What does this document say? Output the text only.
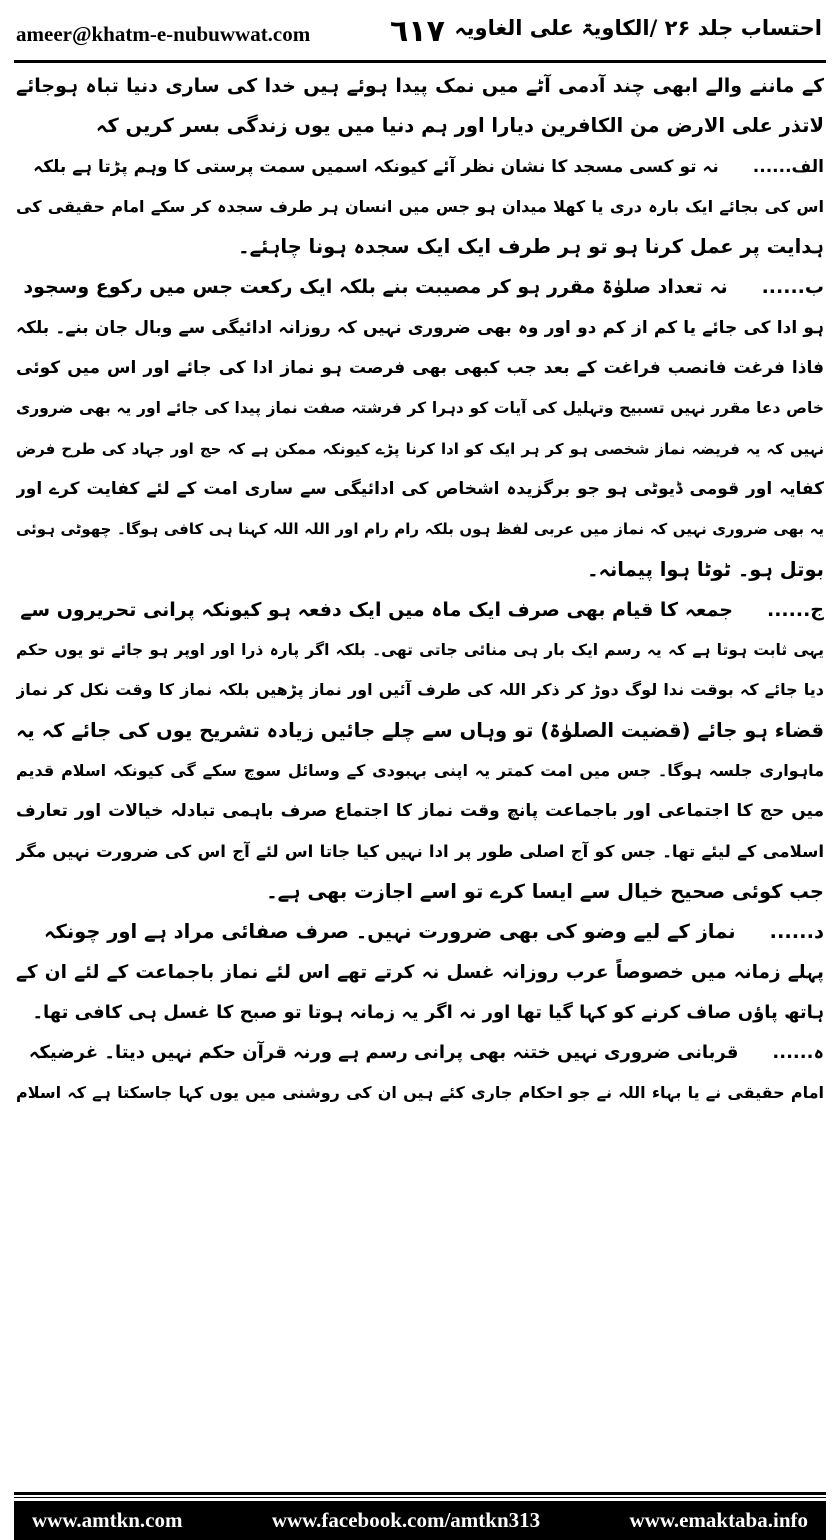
ameer@khatm-e-nubuwwat.com	٦١٧ احتساب جلد ۲۶ /الکاویۃ علی الغاویہ
کے ماننے والے ابھی چند آدمی آٹے میں نمک پیدا ہوئے ہیں خدا کی ساری دنیا تباہ ہوجائے
لاتذر علی الارض من الکافرین دیارا اور ہم دنیا میں یوں زندگی بسر کریں کہ
الف......نہ تو کسی مسجد کا نشان نظر آئے کیونکہ اسمیں سمت پرستی کا وہم پڑتا ہے بلکہ
اس کی بجائے ایک بارہ دری یا کھلا میدان ہو جس میں انسان ہر طرف سجدہ کر سکے امام حقیقی کی
ہدایت پر عمل کرنا ہو تو ہر طرف ایک ایک سجدہ ہونا چاہئے۔
ب......نہ تعداد صلوٰۃ مقرر ہو کر مصیبت بنے بلکہ ایک رکعت جس میں رکوع وسجود
ہو ادا کی جائے یا کم از کم دو اور وہ بھی ضروری نہیں کہ روزانہ ادائیگی سے وبال جان بنے۔ بلکہ
فاذا فرغت فانصب فراغت کے بعد جب کبھی بھی فرصت ہو نماز ادا کی جائے اور اس میں کوئی
خاص دعا مقرر نہیں تسبیح وتہلیل کی آیات کو دہرا کر فرشتہ صفت نماز پیدا کی جائے اور یہ بھی ضروری
نہیں کہ یہ فریضہ نماز شخصی ہو کر ہر ایک کو ادا کرنا پڑے کیونکہ ممکن ہے کہ حج اور جہاد کی طرح فرض
کفایہ اور قومی ڈیوٹی ہو جو برگزیدہ اشخاص کی ادائیگی سے ساری امت کے لئے کفایت کرے اور
یہ بھی ضروری نہیں کہ نماز میں عربی لفظ ہوں بلکہ رام رام اور اللہ اللہ کہنا ہی کافی ہوگا۔ چھوٹی ہوئی
بوتل ہو۔ ٹوٹا ہوا پیمانہ۔
ج......جمعہ کا قیام بھی صرف ایک ماہ میں ایک دفعہ ہو کیونکہ پرانی تحریروں سے
یہی ثابت ہوتا ہے کہ یہ رسم ایک بار ہی منائی جاتی تھی۔ بلکہ اگر پارہ ذرا اور اوپر ہو جائے تو یوں حکم
دیا جائے کہ بوقت ندا لوگ دوڑ کر ذکر اللہ کی طرف آئیں اور نماز پڑھیں بلکہ نماز کا وقت نکل کر نماز
قضاء ہو جائے (قضیت الصلوٰۃ) تو وہاں سے چلے جائیں زیادہ تشریح یوں کی جائے کہ یہ
ماہواری جلسہ ہوگا۔ جس میں امت کمتر یہ اپنی بہبودی کے وسائل سوچ سکے گی کیونکہ اسلام قدیم
میں حج کا اجتماعی اور باجماعت پانچ وقت نماز کا اجتماع صرف باہمی تبادلہ خیالات اور تعارف
اسلامی کے لیئے تھا۔ جس کو آج اصلی طور پر ادا نہیں کیا جاتا اس لئے آج اس کی ضرورت نہیں مگر
جب کوئی صحیح خیال سے ایسا کرے تو اسے اجازت بھی ہے۔
د......نماز کے لیے وضو کی بھی ضرورت نہیں۔ صرف صفائی مراد ہے اور چونکہ
پہلے زمانہ میں خصوصاً عرب روزانہ غسل نہ کرتے تھے اس لئے نماز باجماعت کے لئے ان کے
ہاتھ پاؤں صاف کرنے کو کہا گیا تھا اور نہ اگر یہ زمانہ ہوتا تو صبح کا غسل ہی کافی تھا۔
ہ......قربانی ضروری نہیں ختنہ بھی پرانی رسم ہے ورنہ قرآن حکم نہیں دیتا۔ غرضیکہ
امام حقیقی نے یا بہاء اللہ نے جو احکام جاری کئے ہیں ان کی روشنی میں یوں کہا جاسکتا ہے کہ اسلام
www.amtkn.com	www.facebook.com/amtkn313	www.emaktaba.info
